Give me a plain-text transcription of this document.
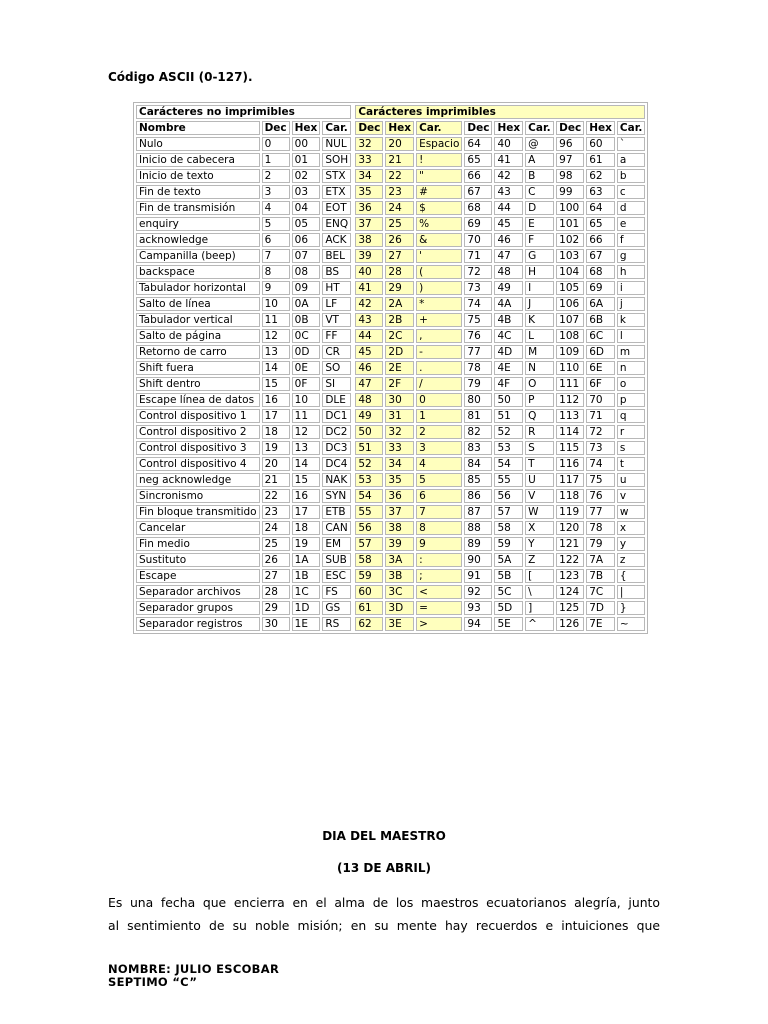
Código ASCII (0-127).
Carácteres no imprimibles					Carácteres imprimibles								
Nombre	Dec	Hex	Car.		Dec	Hex	Car.	Dec	Hex	Car.	Dec	Hex	Car.
Nulo	0	00	NUL		32	20	Espacio	64	40	@	96	60	`
Inicio de cabecera	1	01	SOH		33	21	!	65	41	A	97	61	a
Inicio de texto	2	02	STX		34	22	"	66	42	B	98	62	b
Fin de texto	3	03	ETX		35	23	#	67	43	C	99	63	c
Fin de transmisión	4	04	EOT		36	24	$	68	44	D	100	64	d
enquiry	5	05	ENQ		37	25	%	69	45	E	101	65	e
acknowledge	6	06	ACK		38	26	&	70	46	F	102	66	f
Campanilla (beep)	7	07	BEL		39	27	'	71	47	G	103	67	g
backspace	8	08	BS		40	28	(	72	48	H	104	68	h
Tabulador horizontal	9	09	HT		41	29	)	73	49	I	105	69	i
Salto de línea	10	0A	LF		42	2A	*	74	4A	J	106	6A	j
Tabulador vertical	11	0B	VT		43	2B	+	75	4B	K	107	6B	k
Salto de página	12	0C	FF		44	2C	,	76	4C	L	108	6C	l
Retorno de carro	13	0D	CR		45	2D	-	77	4D	M	109	6D	m
Shift fuera	14	0E	SO		46	2E	.	78	4E	N	110	6E	n
Shift dentro	15	0F	SI		47	2F	/	79	4F	O	111	6F	o
Escape línea de datos	16	10	DLE		48	30	0	80	50	P	112	70	p
Control dispositivo 1	17	11	DC1		49	31	1	81	51	Q	113	71	q
Control dispositivo 2	18	12	DC2		50	32	2	82	52	R	114	72	r
Control dispositivo 3	19	13	DC3		51	33	3	83	53	S	115	73	s
Control dispositivo 4	20	14	DC4		52	34	4	84	54	T	116	74	t
neg acknowledge	21	15	NAK		53	35	5	85	55	U	117	75	u
Sincronismo	22	16	SYN		54	36	6	86	56	V	118	76	v
Fin bloque transmitido	23	17	ETB		55	37	7	87	57	W	119	77	w
Cancelar	24	18	CAN		56	38	8	88	58	X	120	78	x
Fin medio	25	19	EM		57	39	9	89	59	Y	121	79	y
Sustituto	26	1A	SUB		58	3A	:	90	5A	Z	122	7A	z
Escape	27	1B	ESC		59	3B	;	91	5B	[	123	7B	{
Separador archivos	28	1C	FS		60	3C	<	92	5C	\	124	7C	|
Separador grupos	29	1D	GS		61	3D	=	93	5D	]	125	7D	}
Separador registros	30	1E	RS		62	3E	>	94	5E	^	126	7E	~
DIA DEL MAESTRO
(13 DE ABRIL)
Es una fecha que encierra en el alma de los maestros ecuatorianos alegría, junto
al sentimiento de su noble misión; en su mente hay recuerdos e intuiciones que
NOMBRE: JULIO ESCOBAR
SEPTIMO “C”
